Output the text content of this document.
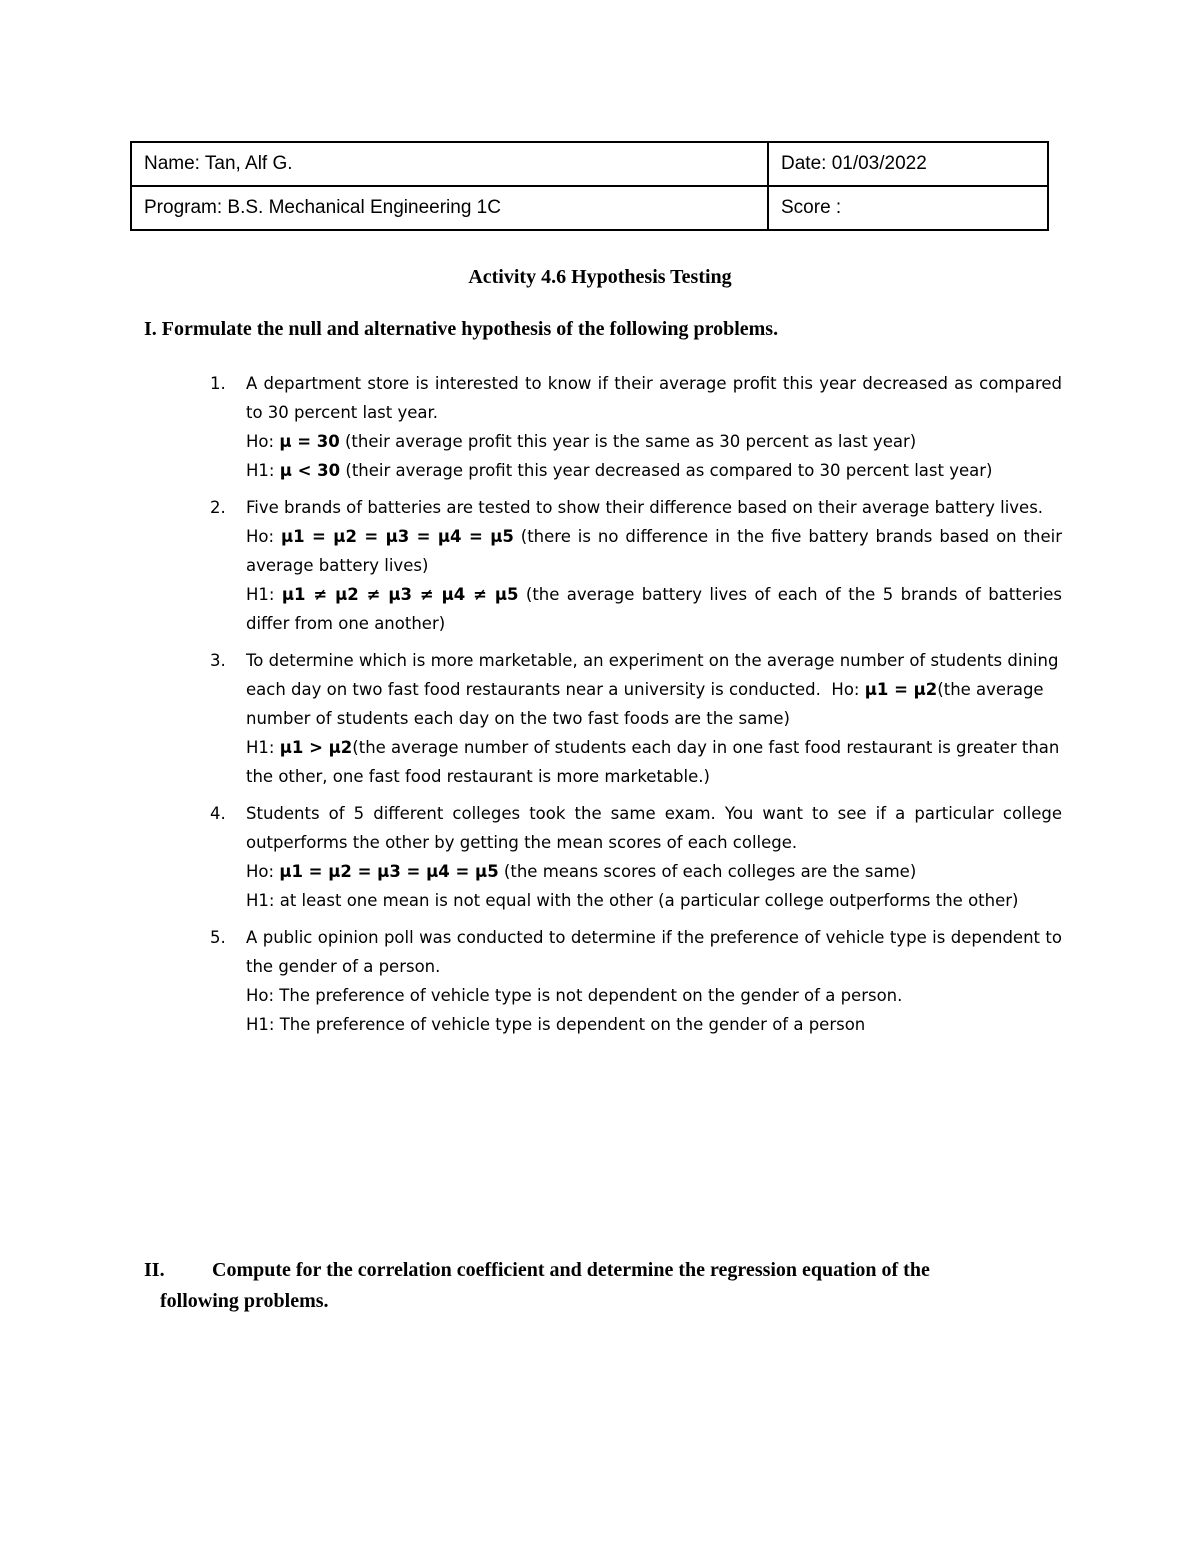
Name: Tan, Alf G.	Date: 01/03/2022
Program: B.S. Mechanical Engineering 1C	Score :
Activity 4.6 Hypothesis Testing
I. Formulate the null and alternative hypothesis of the following problems.
1. A department store is interested to know if their average profit this year decreased as compared to 30 percent last year.

Ho: μ = 30 (their average profit this year is the same as 30 percent as last year)

H1: μ < 30 (their average profit this year decreased as compared to 30 percent last year)

2. Five brands of batteries are tested to show their difference based on their average battery lives.

Ho: μ1 = μ2 = μ3 = μ4 = μ5 (there is no difference in the five battery brands based on their average battery lives)

H1: μ1 ≠ μ2 ≠ μ3 ≠ μ4 ≠ μ5 (the average battery lives of each of the 5 brands of batteries differ from one another)

3. To determine which is more marketable, an experiment on the average number of students dining each day on two fast food restaurants near a university is conducted. Ho: μ1 = μ2(the average number of students each day on the two fast foods are the same)

H1: μ1 > μ2(the average number of students each day in one fast food restaurant is greater than the other, one fast food restaurant is more marketable.)

4. Students of 5 different colleges took the same exam. You want to see if a particular college outperforms the other by getting the mean scores of each college.

Ho: μ1 = μ2 = μ3 = μ4 = μ5 (the means scores of each colleges are the same)

H1: at least one mean is not equal with the other (a particular college outperforms the other)

5. A public opinion poll was conducted to determine if the preference of vehicle type is dependent to the gender of a person.

Ho: The preference of vehicle type is not dependent on the gender of a person.

H1: The preference of vehicle type is dependent on the gender of a person

II. Compute for the correlation coefficient and determine the regression equation of the
following problems.
